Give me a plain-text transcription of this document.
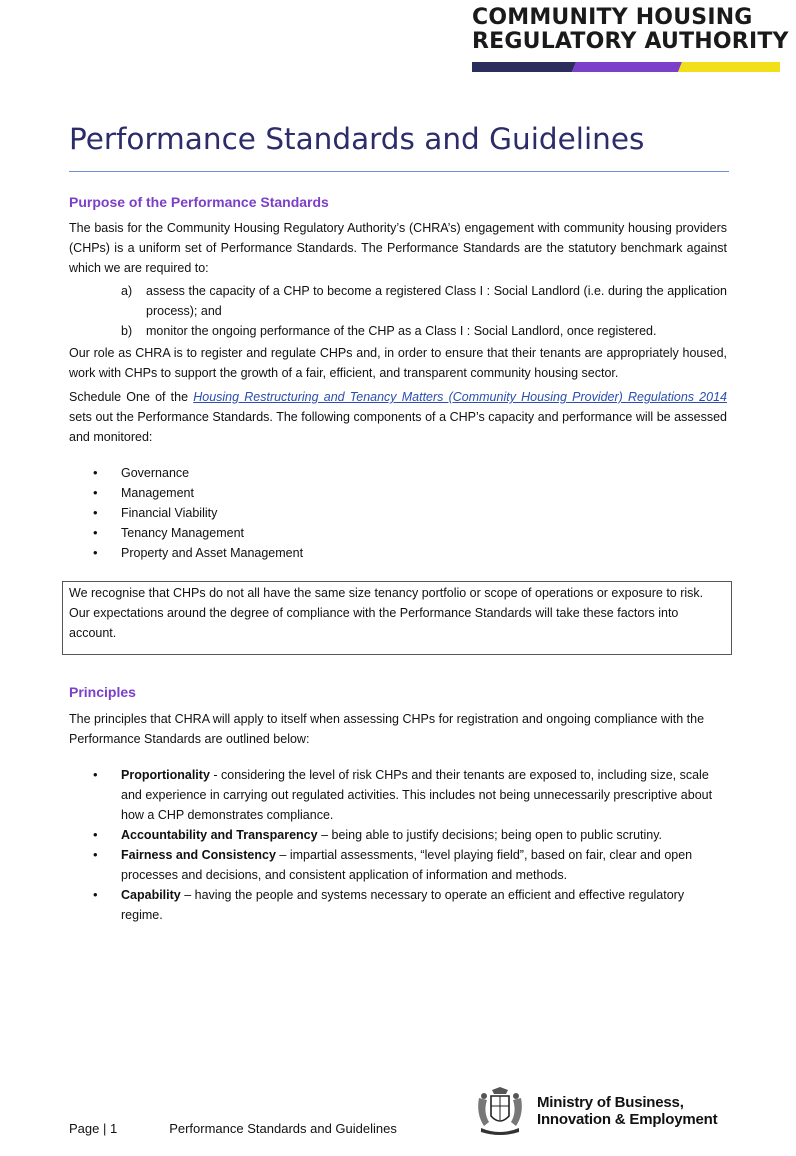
COMMUNITY HOUSING
REGULATORY AUTHORITY
Performance Standards and Guidelines
Purpose of the Performance Standards

The basis for the Community Housing Regulatory Authority’s (CHRA’s) engagement with community housing providers (CHPs) is a uniform set of Performance Standards. The Performance Standards are the statutory benchmark against which we are required to:

a) assess the capacity of a CHP to become a registered Class I : Social Landlord (i.e. during the application process); and
b) monitor the ongoing performance of the CHP as a Class I : Social Landlord, once registered.

Our role as CHRA is to register and regulate CHPs and, in order to ensure that their tenants are appropriately housed, work with CHPs to support the growth of a fair, efficient, and transparent community housing sector.

Schedule One of the Housing Restructuring and Tenancy Matters (Community Housing Provider) Regulations 2014 sets out the Performance Standards. The following components of a CHP’s capacity and performance will be assessed and monitored:

• Governance
• Management
• Financial Viability
• Tenancy Management
• Property and Asset Management
We recognise that CHPs do not all have the same size tenancy portfolio or scope of operations or exposure to risk. Our expectations around the degree of compliance with the Performance Standards will take these factors into account.
Principles

The principles that CHRA will apply to itself when assessing CHPs for registration and ongoing compliance with the Performance Standards are outlined below:

• Proportionality - considering the level of risk CHPs and their tenants are exposed to, including size, scale and experience in carrying out regulated activities. This includes not being unnecessarily prescriptive about how a CHP demonstrates compliance.
• Accountability and Transparency – being able to justify decisions; being open to public scrutiny.
• Fairness and Consistency – impartial assessments, “level playing field”, based on fair, clear and open processes and decisions, and consistent application of information and methods.
• Capability – having the people and systems necessary to operate an efficient and effective regulatory regime.
Page | 1	Performance Standards and Guidelines
Ministry of Business,
Innovation & Employment
